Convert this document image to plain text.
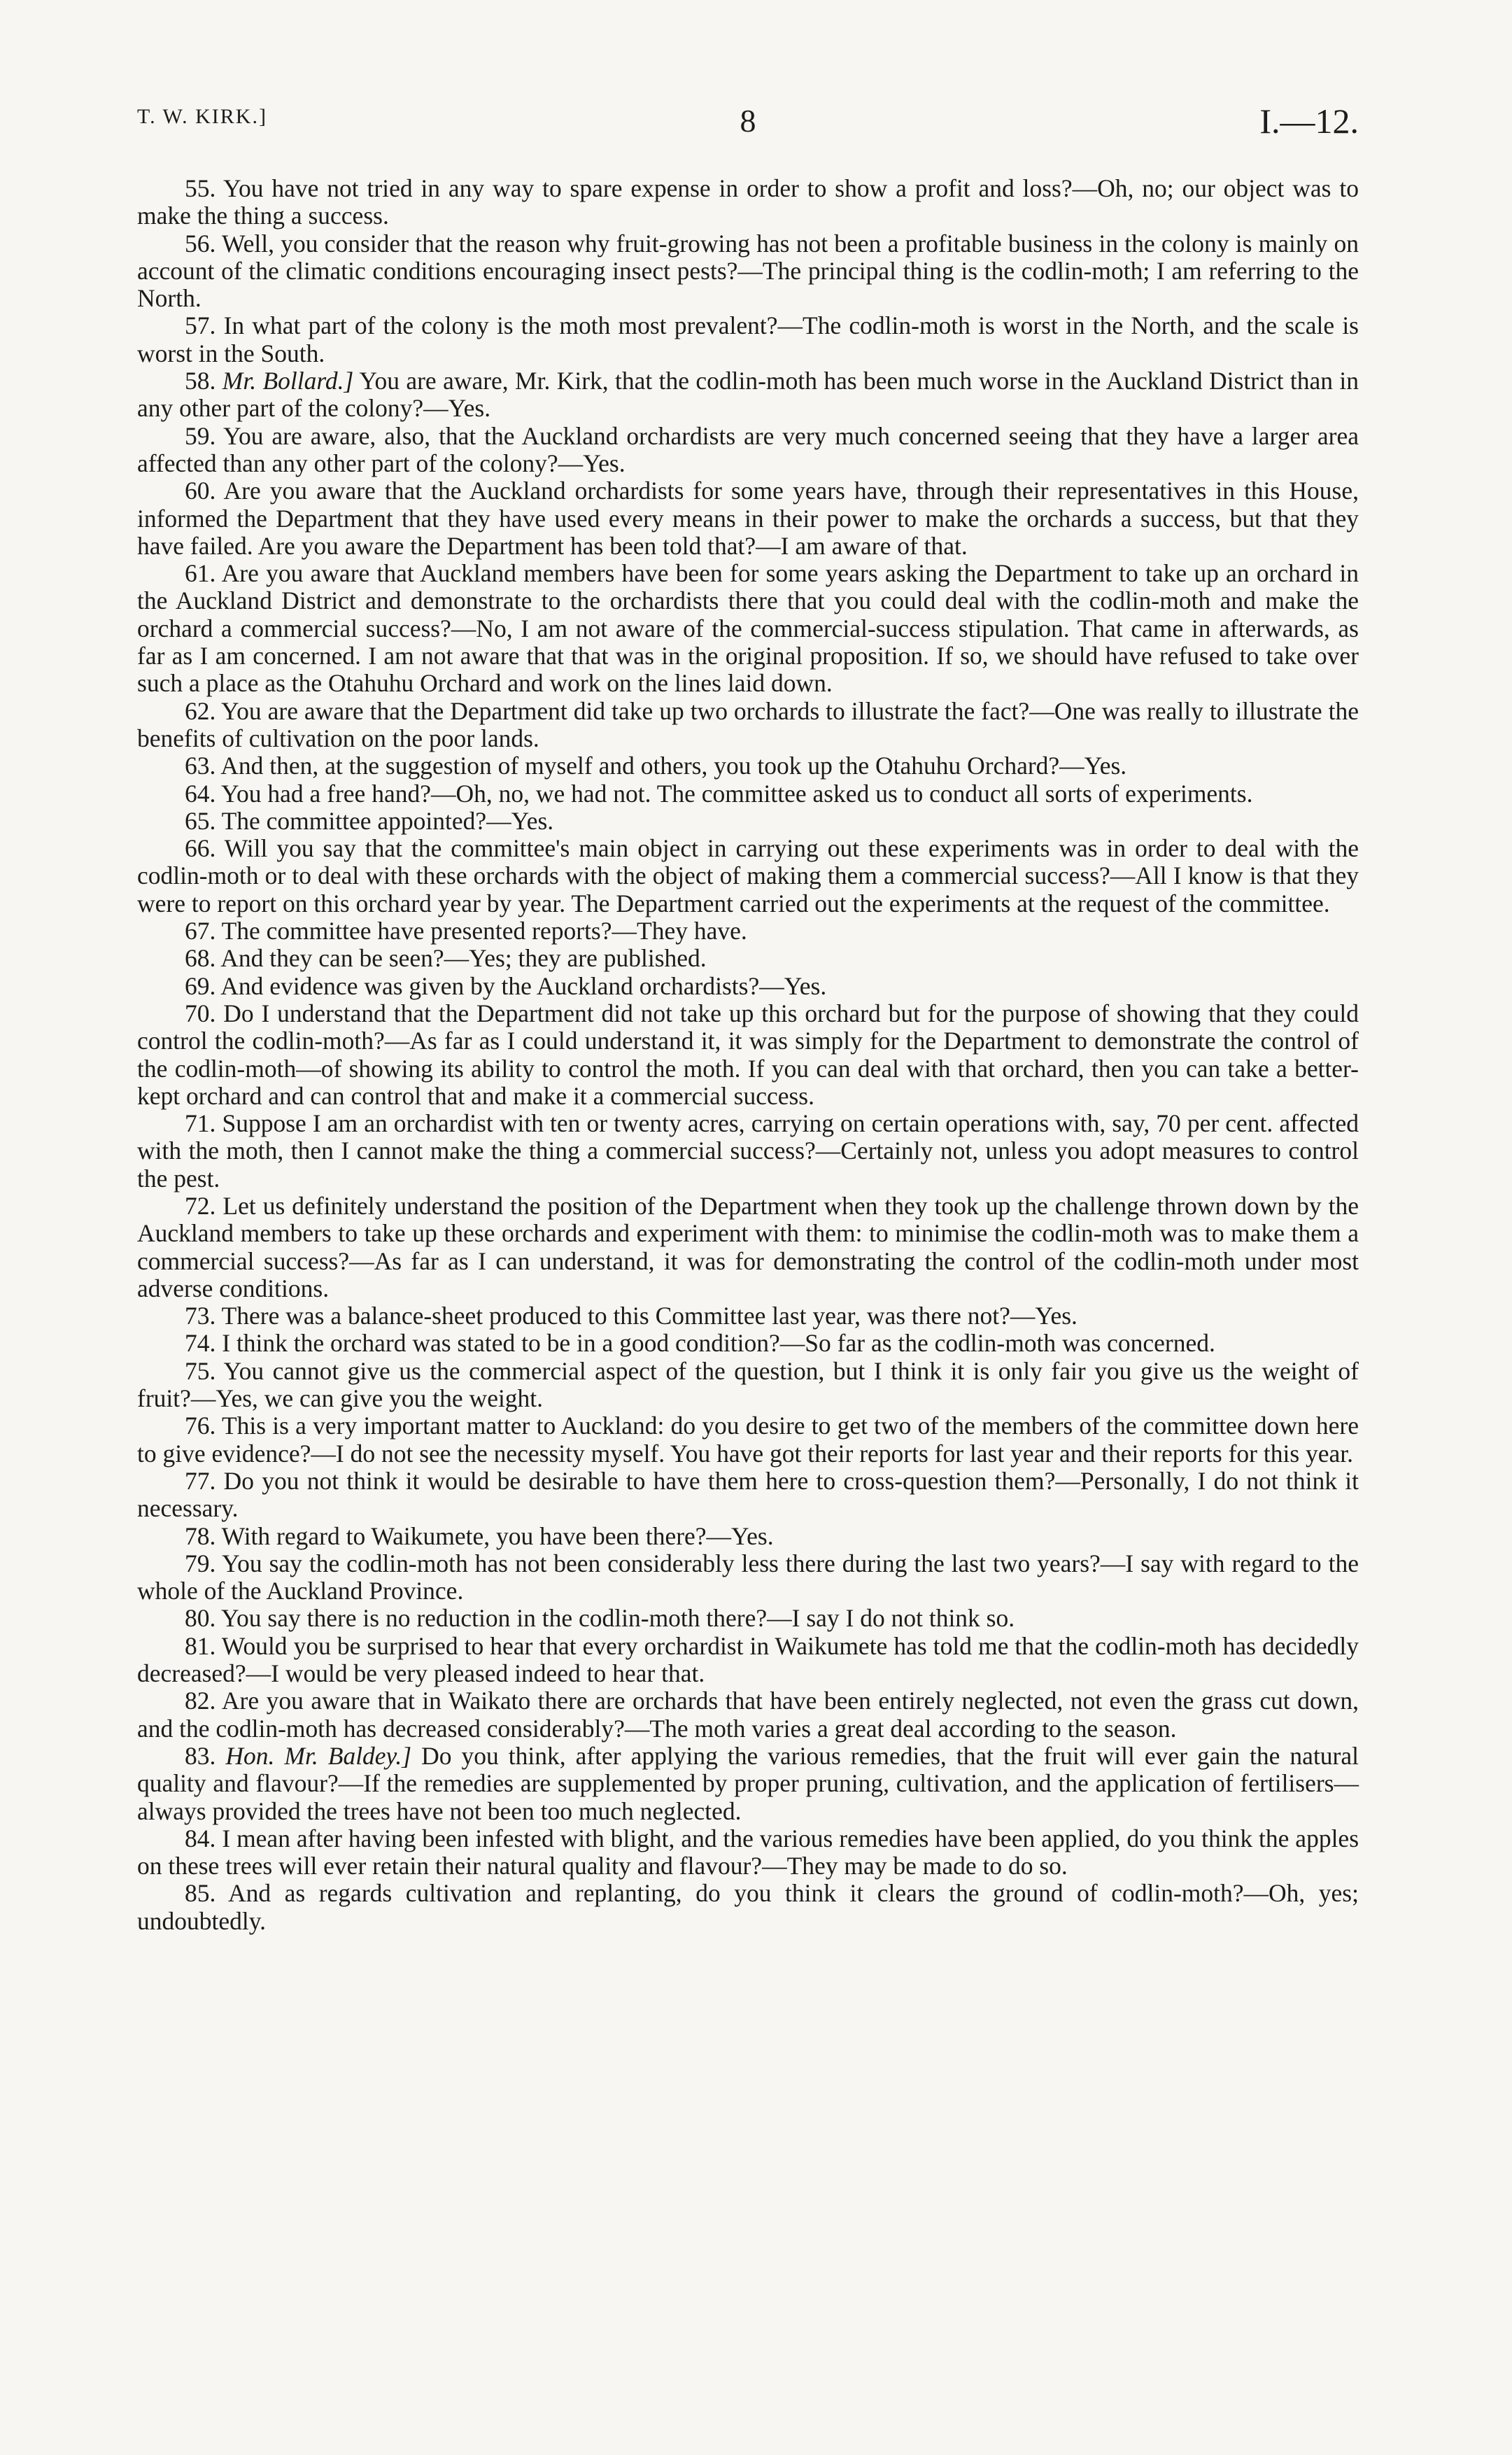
T. W. KIRK.]	8	I.—12.

55. You have not tried in any way to spare expense in order to show a profit and loss?—Oh, no; our object was to make the thing a success.

56. Well, you consider that the reason why fruit-growing has not been a profitable business in the colony is mainly on account of the climatic conditions encouraging insect pests?—The principal thing is the codlin-moth; I am referring to the North.

57. In what part of the colony is the moth most prevalent?—The codlin-moth is worst in the North, and the scale is worst in the South.

58. Mr. Bollard.] You are aware, Mr. Kirk, that the codlin-moth has been much worse in the Auckland District than in any other part of the colony?—Yes.

59. You are aware, also, that the Auckland orchardists are very much concerned seeing that they have a larger area affected than any other part of the colony?—Yes.

60. Are you aware that the Auckland orchardists for some years have, through their representatives in this House, informed the Department that they have used every means in their power to make the orchards a success, but that they have failed. Are you aware the Department has been told that?—I am aware of that.

61. Are you aware that Auckland members have been for some years asking the Department to take up an orchard in the Auckland District and demonstrate to the orchardists there that you could deal with the codlin-moth and make the orchard a commercial success?—No, I am not aware of the commercial-success stipulation. That came in afterwards, as far as I am concerned. I am not aware that that was in the original proposition. If so, we should have refused to take over such a place as the Otahuhu Orchard and work on the lines laid down.

62. You are aware that the Department did take up two orchards to illustrate the fact?—One was really to illustrate the benefits of cultivation on the poor lands.

63. And then, at the suggestion of myself and others, you took up the Otahuhu Orchard?—Yes.

64. You had a free hand?—Oh, no, we had not. The committee asked us to conduct all sorts of experiments.

65. The committee appointed?—Yes.

66. Will you say that the committee's main object in carrying out these experiments was in order to deal with the codlin-moth or to deal with these orchards with the object of making them a commercial success?—All I know is that they were to report on this orchard year by year. The Department carried out the experiments at the request of the committee.

67. The committee have presented reports?—They have.

68. And they can be seen?—Yes; they are published.

69. And evidence was given by the Auckland orchardists?—Yes.

70. Do I understand that the Department did not take up this orchard but for the purpose of showing that they could control the codlin-moth?—As far as I could understand it, it was simply for the Department to demonstrate the control of the codlin-moth—of showing its ability to control the moth. If you can deal with that orchard, then you can take a better-kept orchard and can control that and make it a commercial success.

71. Suppose I am an orchardist with ten or twenty acres, carrying on certain operations with, say, 70 per cent. affected with the moth, then I cannot make the thing a commercial success?—Certainly not, unless you adopt measures to control the pest.

72. Let us definitely understand the position of the Department when they took up the challenge thrown down by the Auckland members to take up these orchards and experiment with them: to minimise the codlin-moth was to make them a commercial success?—As far as I can understand, it was for demonstrating the control of the codlin-moth under most adverse conditions.

73. There was a balance-sheet produced to this Committee last year, was there not?—Yes.

74. I think the orchard was stated to be in a good condition?—So far as the codlin-moth was concerned.

75. You cannot give us the commercial aspect of the question, but I think it is only fair you give us the weight of fruit?—Yes, we can give you the weight.

76. This is a very important matter to Auckland: do you desire to get two of the members of the committee down here to give evidence?—I do not see the necessity myself. You have got their reports for last year and their reports for this year.

77. Do you not think it would be desirable to have them here to cross-question them?—Personally, I do not think it necessary.

78. With regard to Waikumete, you have been there?—Yes.

79. You say the codlin-moth has not been considerably less there during the last two years?—I say with regard to the whole of the Auckland Province.

80. You say there is no reduction in the codlin-moth there?—I say I do not think so.

81. Would you be surprised to hear that every orchardist in Waikumete has told me that the codlin-moth has decidedly decreased?—I would be very pleased indeed to hear that.

82. Are you aware that in Waikato there are orchards that have been entirely neglected, not even the grass cut down, and the codlin-moth has decreased considerably?—The moth varies a great deal according to the season.

83. Hon. Mr. Baldey.] Do you think, after applying the various remedies, that the fruit will ever gain the natural quality and flavour?—If the remedies are supplemented by proper pruning, cultivation, and the application of fertilisers—always provided the trees have not been too much neglected.

84. I mean after having been infested with blight, and the various remedies have been applied, do you think the apples on these trees will ever retain their natural quality and flavour?—They may be made to do so.

85. And as regards cultivation and replanting, do you think it clears the ground of codlin-moth?—Oh, yes; undoubtedly.
